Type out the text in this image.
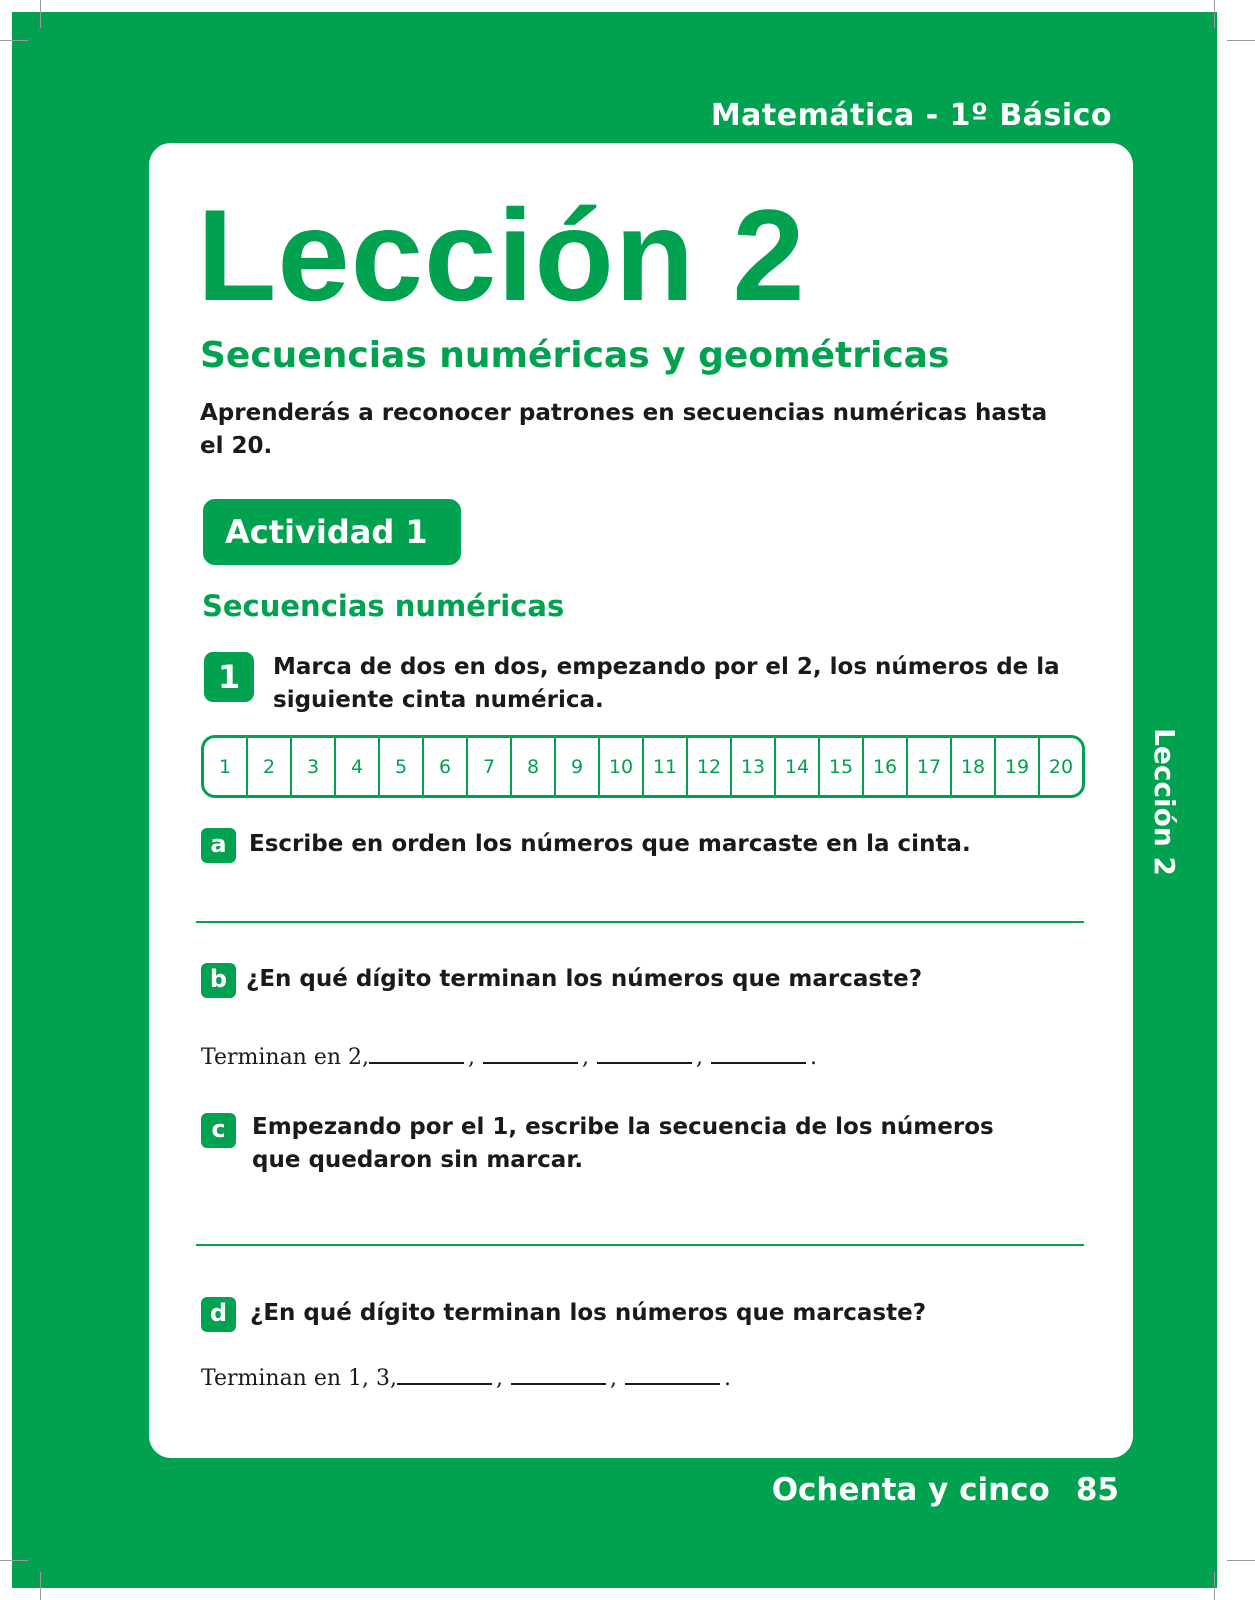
Matemática - 1º Básico
Lección 2
Lección 2
Secuencias numéricas y geométricas
Aprenderás a reconocer patrones en secuencias numéricas hasta el 20.
Actividad 1
Secuencias numéricas
1	Marca de dos en dos, empezando por el 2, los números de la siguiente cinta numérica.
1	2	3	4	5	6	7	8	9	10	11	12	13	14	15	16	17	18	19	20
a Escribe en orden los números que marcaste en la cinta.
b ¿En qué dígito terminan los números que marcaste?
Terminan en 2,	,	,	,	.
c	Empezando por el 1, escribe la secuencia de los números que quedaron sin marcar.
d ¿En qué dígito terminan los números que marcaste?
Terminan en 1, 3,	,	,	.
Ochenta y cinco 85
